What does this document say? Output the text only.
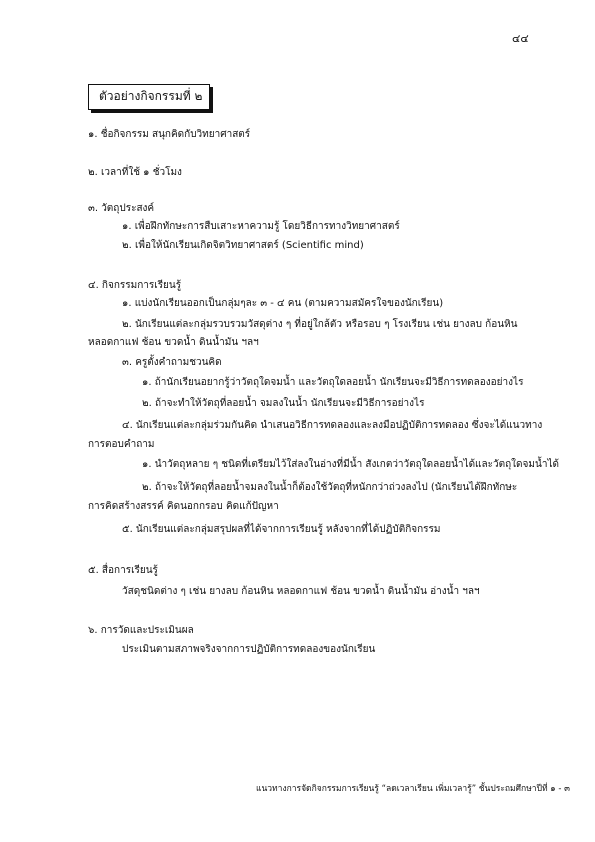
๔๔
ตัวอย่างกิจกรรมที่ ๒
๑. ชื่อกิจกรรม สนุกคิดกับวิทยาศาสตร์
๒. เวลาที่ใช้ ๑ ชั่วโมง
๓. วัตถุประสงค์
๑. เพื่อฝึกทักษะการสืบเสาะหาความรู้ โดยวิธีการทางวิทยาศาสตร์
๒. เพื่อให้นักเรียนเกิดจิตวิทยาศาสตร์ (Scientific mind)
๔. กิจกรรมการเรียนรู้
๑. แบ่งนักเรียนออกเป็นกลุ่มๆละ ๓ - ๔ คน (ตามความสมัครใจของนักเรียน)
๒. นักเรียนแต่ละกลุ่มรวบรวมวัสดุต่าง ๆ ที่อยู่ใกล้ตัว หรือรอบ ๆ โรงเรียน เช่น ยางลบ ก้อนหิน
หลอดกาแฟ ช้อน ขวดน้ำ ดินน้ำมัน ฯลฯ
๓. ครูตั้งคำถามชวนคิด
๑. ถ้านักเรียนอยากรู้ว่าวัตถุใดจมน้ำ และวัตถุใดลอยน้ำ นักเรียนจะมีวิธีการทดลองอย่างไร
๒. ถ้าจะทำให้วัตถุที่ลอยน้ำ จมลงในน้ำ นักเรียนจะมีวิธีการอย่างไร
๔. นักเรียนแต่ละกลุ่มร่วมกันคิด นำเสนอวิธีการทดลองและลงมือปฏิบัติการทดลอง ซึ่งจะได้แนวทาง
การตอบคำถาม
๑. นำวัตถุหลาย ๆ ชนิดที่เตรียมไว้ใส่ลงในอ่างที่มีน้ำ สังเกตว่าวัตถุใดลอยน้ำได้และวัตถุใดจมน้ำได้
๒. ถ้าจะให้วัตถุที่ลอยน้ำจมลงในน้ำก็ต้องใช้วัตถุที่หนักกว่าถ่วงลงไป (นักเรียนได้ฝึกทักษะ
การคิดสร้างสรรค์ คิดนอกกรอบ คิดแก้ปัญหา
๕. นักเรียนแต่ละกลุ่มสรุปผลที่ได้จากการเรียนรู้ หลังจากที่ได้ปฏิบัติกิจกรรม
๕. สื่อการเรียนรู้
วัสดุชนิดต่าง ๆ เช่น ยางลบ ก้อนหิน หลอดกาแฟ ช้อน ขวดน้ำ ดินน้ำมัน อ่างน้ำ ฯลฯ
๖. การวัดและประเมินผล
ประเมินตามสภาพจริงจากการปฏิบัติการทดลองของนักเรียน
แนวทางการจัดกิจกรรมการเรียนรู้ “ลดเวลาเรียน เพิ่มเวลารู้” ชั้นประถมศึกษาปีที่ ๑ - ๓
